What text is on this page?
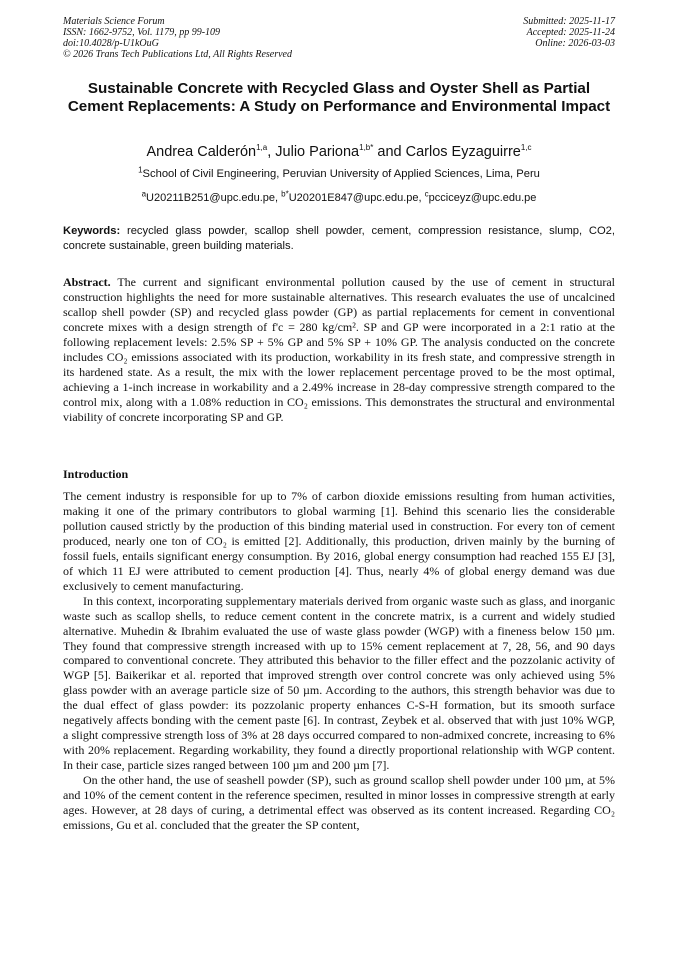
Materials Science Forum
ISSN: 1662-9752, Vol. 1179, pp 99-109
doi:10.4028/p-U1kOuG
© 2026 Trans Tech Publications Ltd, All Rights Reserved
Submitted: 2025-11-17
Accepted: 2025-11-24
Online: 2026-03-03
Sustainable Concrete with Recycled Glass and Oyster Shell as Partial Cement Replacements: A Study on Performance and Environmental Impact
Andrea Calderón$^{1,a}$, Julio Pariona$^{1,b*}$ and Carlos Eyzaguirre$^{1,c}$
$^1$School of Civil Engineering, Peruvian University of Applied Sciences, Lima, Peru
$^a$U20211B251@upc.edu.pe, $^{b*}$U20201E847@upc.edu.pe, $^c$pcciceyz@upc.edu.pe
Keywords: recycled glass powder, scallop shell powder, cement, compression resistance, slump, CO2, concrete sustainable, green building materials.
Abstract. The current and significant environmental pollution caused by the use of cement in structural construction highlights the need for more sustainable alternatives. This research evaluates the use of uncalcined scallop shell powder (SP) and recycled glass powder (GP) as partial replacements for cement in conventional concrete mixes with a design strength of f'c = 280 kg/cm². SP and GP were incorporated in a 2:1 ratio at the following replacement levels: 2.5% SP + 5% GP and 5% SP + 10% GP. The analysis conducted on the concrete includes CO₂ emissions associated with its production, workability in its fresh state, and compressive strength in its hardened state. As a result, the mix with the lower replacement percentage proved to be the most optimal, achieving a 1-inch increase in workability and a 2.49% increase in 28-day compressive strength compared to the control mix, along with a 1.08% reduction in CO₂ emissions. This demonstrates the structural and environmental viability of concrete incorporating SP and GP.
Introduction

The cement industry is responsible for up to 7% of carbon dioxide emissions resulting from human activities, making it one of the primary contributors to global warming [1]. Behind this scenario lies the considerable pollution caused strictly by the production of this binding material used in construction. For every ton of cement produced, nearly one ton of CO₂ is emitted [2]. Additionally, this production, driven mainly by the burning of fossil fuels, entails significant energy consumption. By 2016, global energy consumption had reached 155 EJ [3], of which 11 EJ were attributed to cement production [4]. Thus, nearly 4% of global energy demand was due exclusively to cement manufacturing.

In this context, incorporating supplementary materials derived from organic waste such as glass, and inorganic waste such as scallop shells, to reduce cement content in the concrete matrix, is a current and widely studied alternative. Muhedin & Ibrahim evaluated the use of waste glass powder (WGP) with a fineness below 150 µm. They found that compressive strength increased with up to 15% cement replacement at 7, 28, 56, and 90 days compared to conventional concrete. They attributed this behavior to the filler effect and the pozzolanic activity of WGP [5]. Baikerikar et al. reported that improved strength over control concrete was only achieved using 5% glass powder with an average particle size of 50 µm. According to the authors, this strength behavior was due to the dual effect of glass powder: its pozzolanic property enhances C-S-H formation, but its smooth surface negatively affects bonding with the cement paste [6]. In contrast, Zeybek et al. observed that with just 10% WGP, a slight compressive strength loss of 3% at 28 days occurred compared to non-admixed concrete, increasing to 6% with 20% replacement. Regarding workability, they found a directly proportional relationship with WGP content. In their case, particle sizes ranged between 100 µm and 200 µm [7].

On the other hand, the use of seashell powder (SP), such as ground scallop shell powder under 100 µm, at 5% and 10% of the cement content in the reference specimen, resulted in minor losses in compressive strength at early ages. However, at 28 days of curing, a detrimental effect was observed as its content increased. Regarding CO₂ emissions, Gu et al. concluded that the greater the SP content,
